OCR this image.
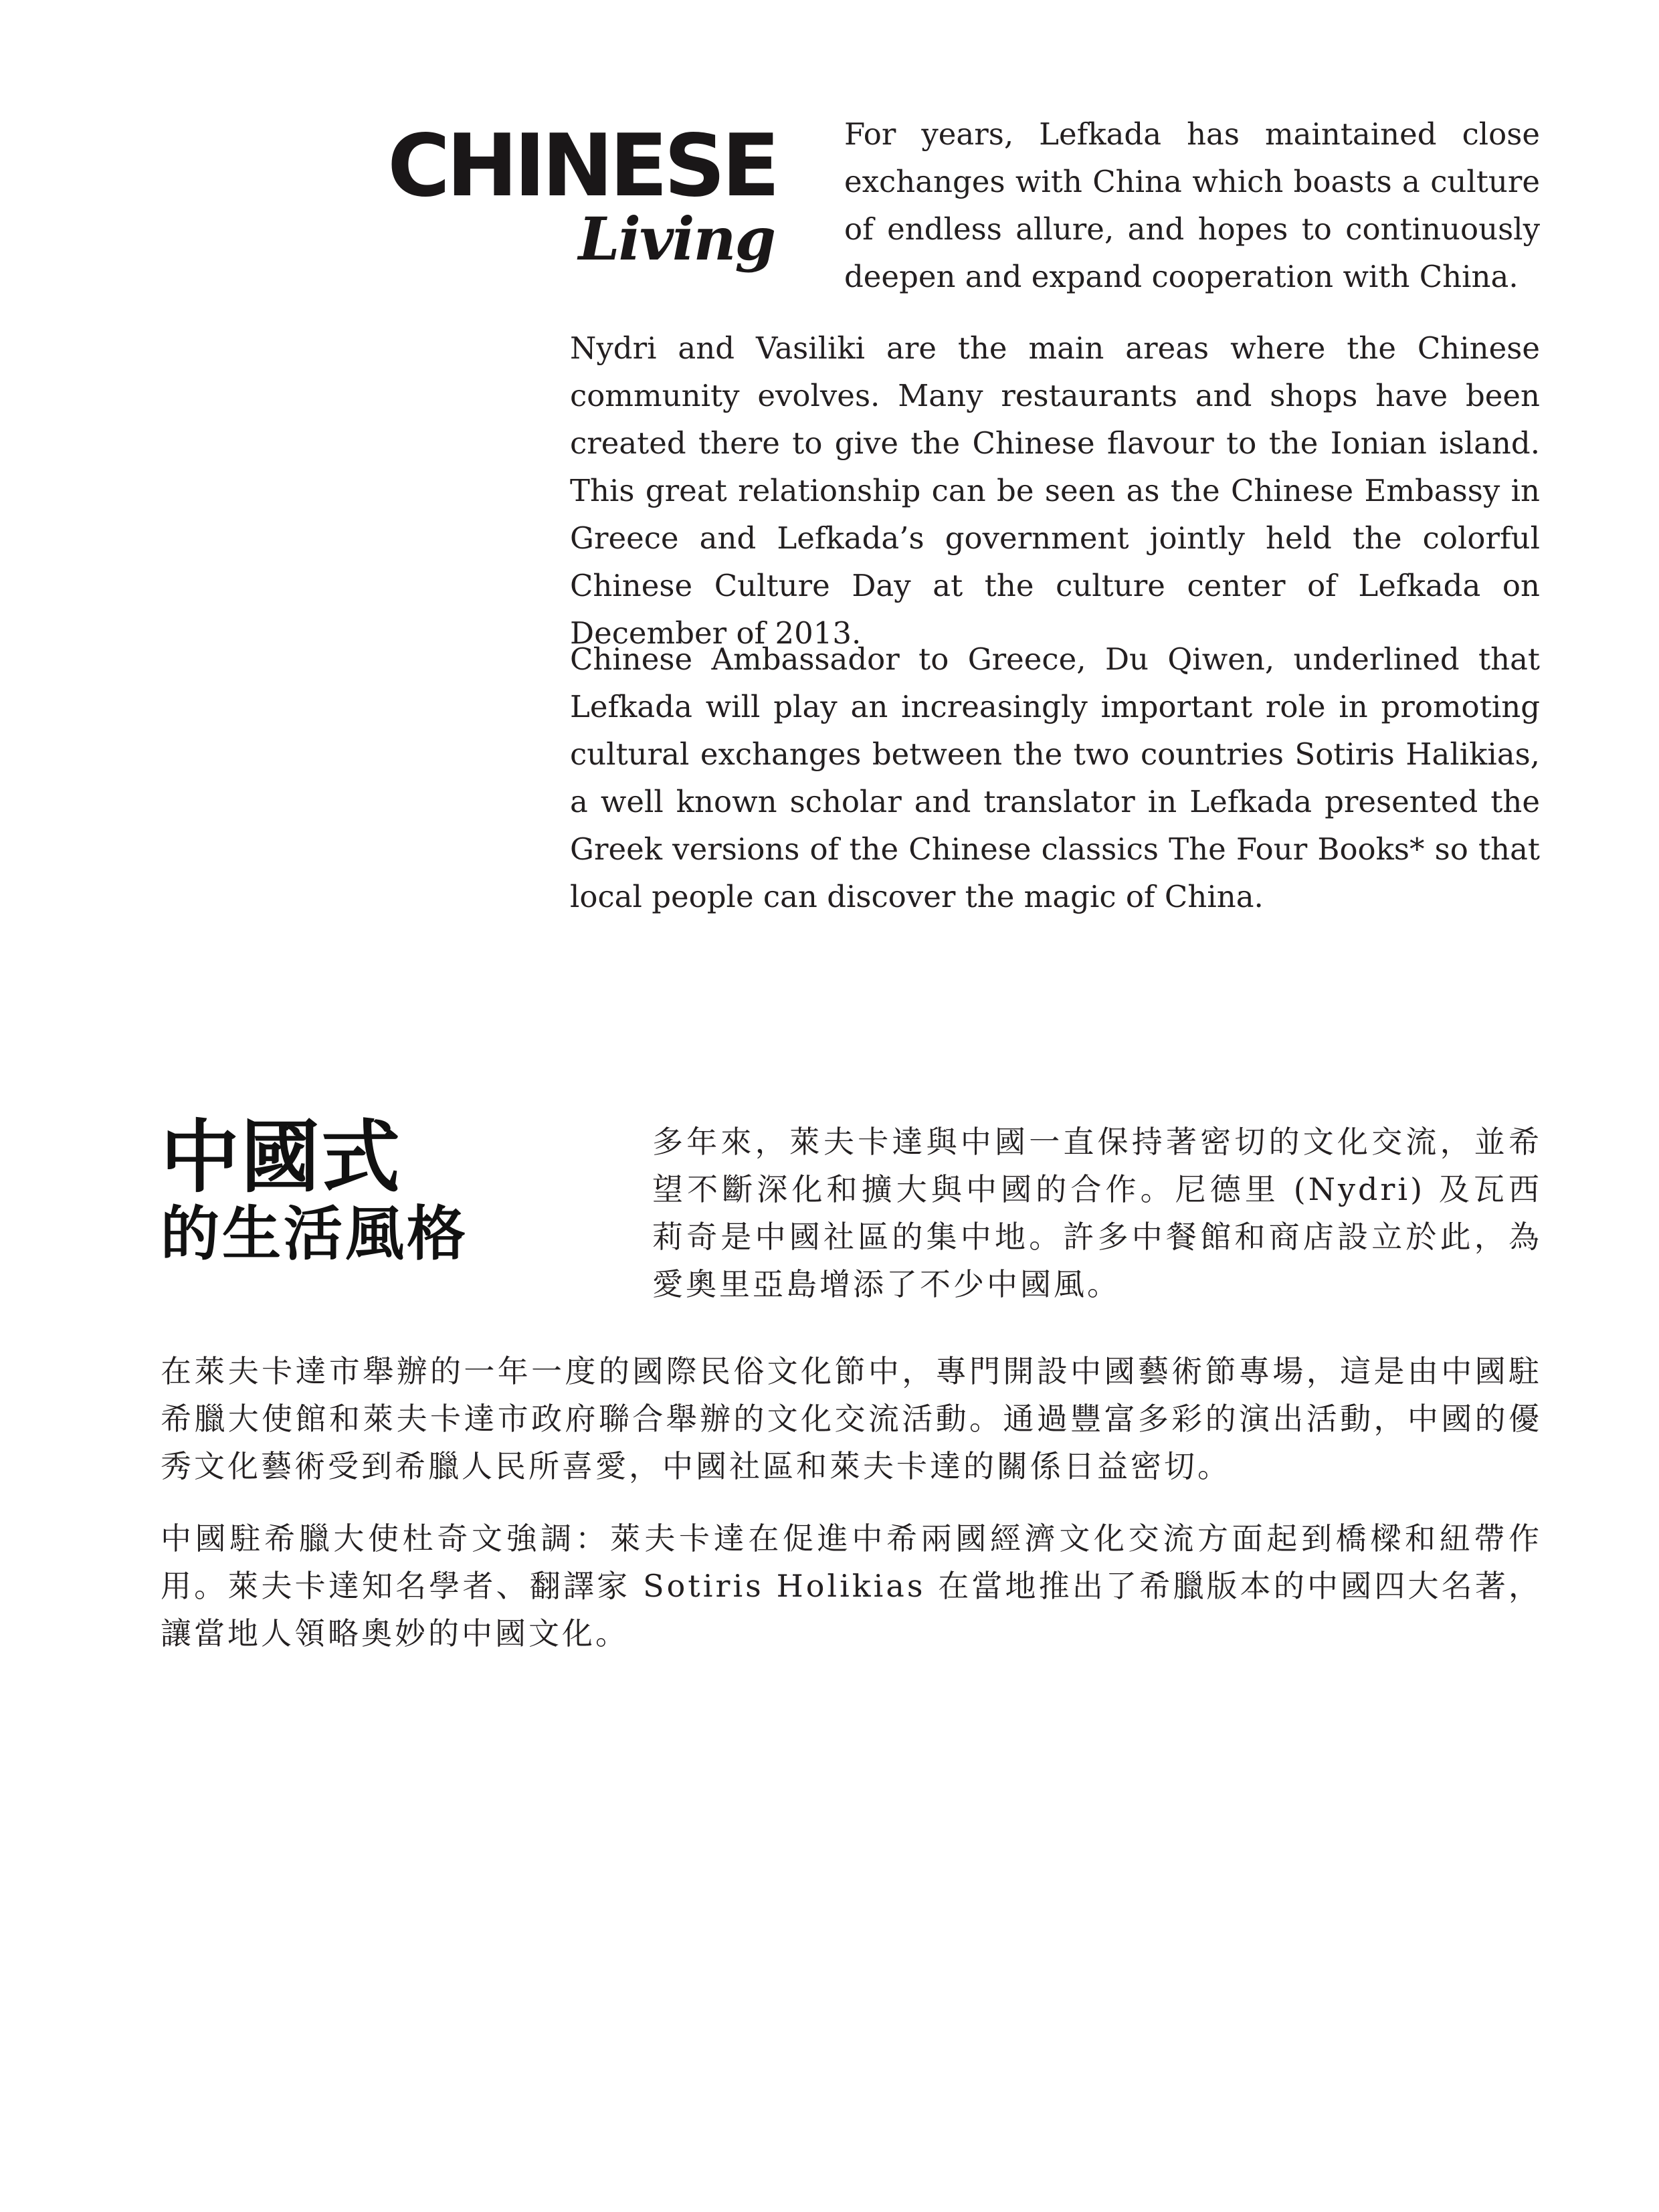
CHINESE
Living

For years, Lefkada has maintained close exchanges with China which boasts a culture of endless allure, and hopes to continuously deepen and expand cooperation with China.

Nydri and Vasiliki are the main areas where the Chinese community evolves. Many restaurants and shops have been created there to give the Chinese flavour to the Ionian island. This great relationship can be seen as the Chinese Embassy in Greece and Lefkada’s government jointly held the colorful Chinese Culture Day at the culture center of Lefkada on December of 2013.

Chinese Ambassador to Greece, Du Qiwen, underlined that Lefkada will play an increasingly important role in promoting cultural exchanges between the two countries Sotiris Halikias, a well known scholar and translator in Lefkada presented the Greek versions of the Chinese classics The Four Books* so that local people can discover the magic of China.

中國式
的生活風格

多年來，萊夫卡達與中國一直保持著密切的文化交流，並希望不斷深化和擴大與中國的合作。尼德里 (Nydri) 及瓦西莉奇是中國社區的集中地。許多中餐館和商店設立於此，為愛奧里亞島增添了不少中國風。

在萊夫卡達市舉辦的一年一度的國際民俗文化節中，專門開設中國藝術節專場，這是由中國駐希臘大使館和萊夫卡達市政府聯合舉辦的文化交流活動。通過豐富多彩的演出活動，中國的優秀文化藝術受到希臘人民所喜愛，中國社區和萊夫卡達的關係日益密切。

中國駐希臘大使杜奇文強調：萊夫卡達在促進中希兩國經濟文化交流方面起到橋樑和紐帶作用。萊夫卡達知名學者、翻譯家 Sotiris Holikias 在當地推出了希臘版本的中國四大名著，讓當地人領略奧妙的中國文化。
